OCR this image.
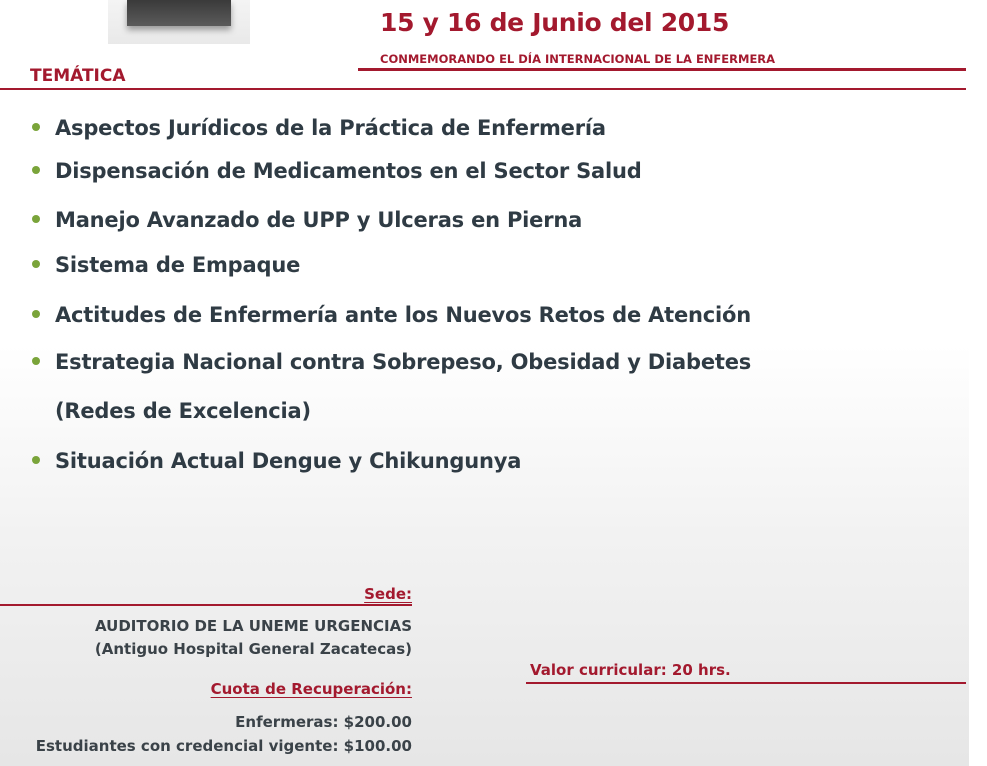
15 y 16 de Junio del 2015
CONMEMORANDO EL DÍA INTERNACIONAL DE LA ENFERMERA
TEMÁTICA
Aspectos Jurídicos de la Práctica de Enfermería
Dispensación de Medicamentos en el Sector Salud
Manejo Avanzado de UPP y Ulceras en Pierna
Sistema de Empaque
Actitudes de Enfermería ante los Nuevos Retos de Atención
Estrategia Nacional contra Sobrepeso, Obesidad y Diabetes
(Redes de Excelencia)
Situación Actual Dengue y Chikungunya
Sede:
AUDITORIO DE LA UNEME URGENCIAS
(Antiguo Hospital General Zacatecas)
Cuota de Recuperación:
Enfermeras: $200.00
Estudiantes con credencial vigente: $100.00
Valor curricular: 20 hrs.
